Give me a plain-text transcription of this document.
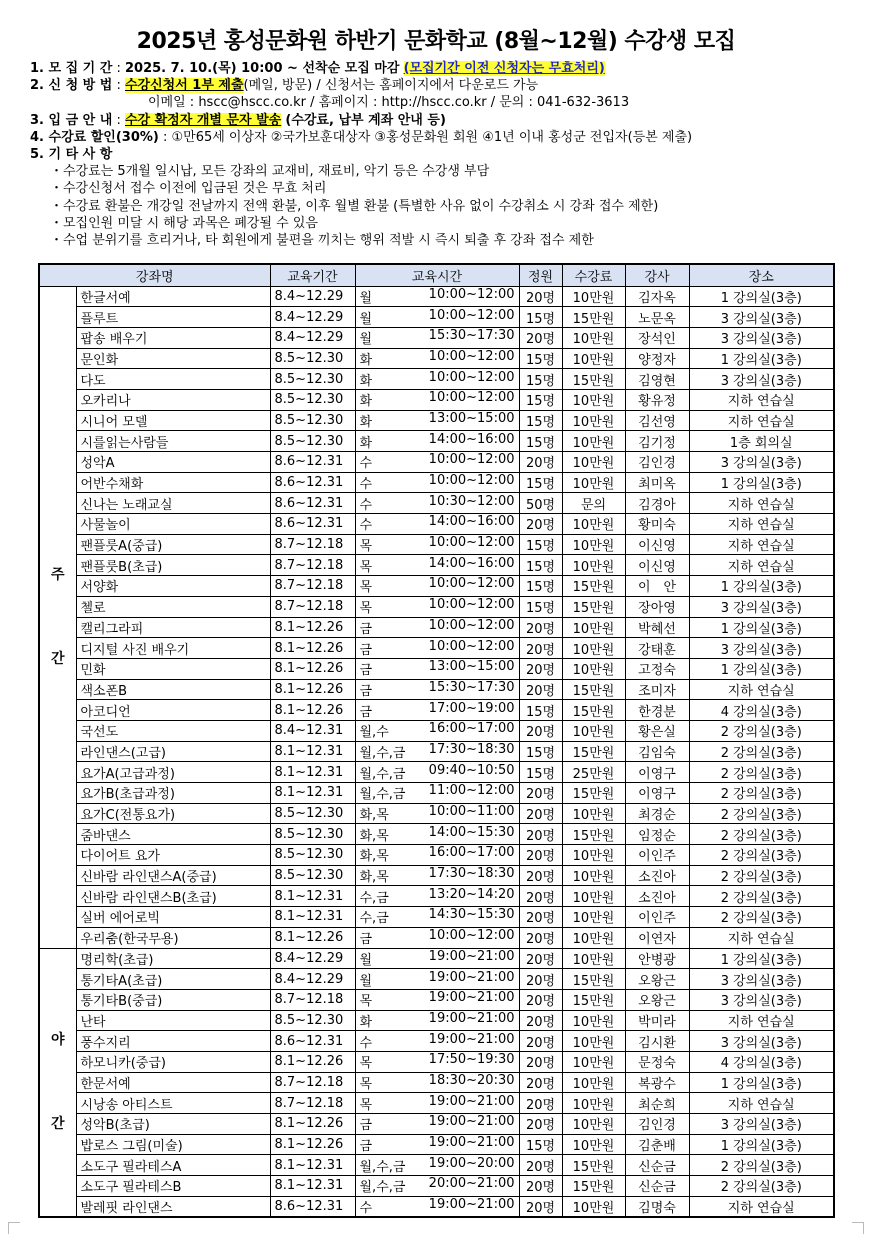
2025년 홍성문화원 하반기 문화학교 (8월~12월) 수강생 모집
1. 모 집 기 간 : 2025. 7. 10.(목) 10:00 ~ 선착순 모집 마감 (모집기간 이전 신청자는 무효처리)
2. 신 청 방 법 : 수강신청서 1부 제출(메일, 방문) / 신청서는 홈페이지에서 다운로드 가능
이메일 : hscc@hscc.co.kr / 홈페이지 : http://hscc.co.kr / 문의 : 041-632-3613
3. 입 금 안 내 : 수강 확정자 개별 문자 발송 (수강료, 납부 계좌 안내 등)
4. 수강료 할인(30%) : ①만65세 이상자 ②국가보훈대상자 ③홍성문화원 회원 ④1년 이내 홍성군 전입자(등본 제출)
5. 기 타 사 항
・수강료는 5개월 일시납, 모든 강좌의 교재비, 재료비, 악기 등은 수강생 부담
・수강신청서 접수 이전에 입금된 것은 무효 처리
・수강료 환불은 개강일 전날까지 전액 환불, 이후 월별 환불 (특별한 사유 없이 수강취소 시 강좌 접수 제한)
・모집인원 미달 시 해당 과목은 폐강될 수 있음
・수업 분위기를 흐리거나, 타 회원에게 불편을 끼치는 행위 적발 시 즉시 퇴출 후 강좌 접수 제한
강좌명		교육기간	교육시간	정원	수강료	강사	장소
주

간	한글서예	8.4~12.29	월 10:00~12:00	20명	10만원	김자옥	1 강의실(3층)
	플루트	8.4~12.29	월 10:00~12:00	15명	15만원	노문옥	3 강의실(3층)
	팝송 배우기	8.4~12.29	월 15:30~17:30	20명	10만원	장석인	3 강의실(3층)
	문인화	8.5~12.30	화 10:00~12:00	15명	10만원	양정자	1 강의실(3층)
	다도	8.5~12.30	화 10:00~12:00	15명	15만원	김영현	3 강의실(3층)
	오카리나	8.5~12.30	화 10:00~12:00	15명	10만원	황유정	지하 연습실
	시니어 모델	8.5~12.30	화 13:00~15:00	15명	10만원	김선영	지하 연습실
	시를읽는사람들	8.5~12.30	화 14:00~16:00	15명	10만원	김기정	1층 회의실
	성악A	8.6~12.31	수 10:00~12:00	20명	10만원	김인경	3 강의실(3층)
	어반수채화	8.6~12.31	수 10:00~12:00	15명	10만원	최미옥	1 강의실(3층)
	신나는 노래교실	8.6~12.31	수 10:30~12:00	50명	문의	김경아	지하 연습실
	사물놀이	8.6~12.31	수 14:00~16:00	20명	10만원	황미숙	지하 연습실
	팬플룻A(중급)	8.7~12.18	목 10:00~12:00	15명	10만원	이신영	지하 연습실
	팬플룻B(초급)	8.7~12.18	목 14:00~16:00	15명	10만원	이신영	지하 연습실
	서양화	8.7~12.18	목 10:00~12:00	15명	15만원	이　안	1 강의실(3층)
	첼로	8.7~12.18	목 10:00~12:00	15명	15만원	장아영	3 강의실(3층)
	캘리그라피	8.1~12.26	금 10:00~12:00	20명	10만원	박혜선	1 강의실(3층)
	디지털 사진 배우기	8.1~12.26	금 10:00~12:00	20명	10만원	강태훈	3 강의실(3층)
	민화	8.1~12.26	금 13:00~15:00	20명	10만원	고정숙	1 강의실(3층)
	색소폰B	8.1~12.26	금 15:30~17:30	20명	15만원	조미자	지하 연습실
	아코디언	8.1~12.26	금 17:00~19:00	15명	15만원	한경분	4 강의실(3층)
	국선도	8.4~12.31	월,수 16:00~17:00	20명	10만원	황은실	2 강의실(3층)
	라인댄스(고급)	8.1~12.31	월,수,금 17:30~18:30	15명	15만원	김임숙	2 강의실(3층)
	요가A(고급과정)	8.1~12.31	월,수,금 09:40~10:50	15명	25만원	이영구	2 강의실(3층)
	요가B(초급과정)	8.1~12.31	월,수,금 11:00~12:00	20명	15만원	이영구	2 강의실(3층)
	요가C(전통요가)	8.5~12.30	화,목 10:00~11:00	20명	10만원	최경순	2 강의실(3층)
	줌바댄스	8.5~12.30	화,목 14:00~15:30	20명	15만원	임정순	2 강의실(3층)
	다이어트 요가	8.5~12.30	화,목 16:00~17:00	20명	10만원	이인주	2 강의실(3층)
	신바람 라인댄스A(중급)	8.5~12.30	화,목 17:30~18:30	20명	10만원	소진아	2 강의실(3층)
	신바람 라인댄스B(초급)	8.1~12.31	수,금 13:20~14:20	20명	10만원	소진아	2 강의실(3층)
	실버 에어로빅	8.1~12.31	수,금 14:30~15:30	20명	10만원	이인주	2 강의실(3층)
	우리춤(한국무용)	8.1~12.26	금 10:00~12:00	20명	10만원	이연자	지하 연습실
야

간	명리학(초급)	8.4~12.29	월 19:00~21:00	20명	10만원	안병광	1 강의실(3층)
	통기타A(초급)	8.4~12.29	월 19:00~21:00	20명	15만원	오왕근	3 강의실(3층)
	통기타B(중급)	8.7~12.18	목 19:00~21:00	20명	15만원	오왕근	3 강의실(3층)
	난타	8.5~12.30	화 19:00~21:00	20명	10만원	박미라	지하 연습실
	풍수지리	8.6~12.31	수 19:00~21:00	20명	10만원	김시환	3 강의실(3층)
	하모니카(중급)	8.1~12.26	목 17:50~19:30	20명	10만원	문정숙	4 강의실(3층)
	한문서예	8.7~12.18	목 18:30~20:30	20명	10만원	복광수	1 강의실(3층)
	시낭송 아티스트	8.7~12.18	목 19:00~21:00	20명	10만원	최순희	지하 연습실
	성악B(초급)	8.1~12.26	금 19:00~21:00	20명	10만원	김인경	3 강의실(3층)
	밥로스 그림(미술)	8.1~12.26	금 19:00~21:00	15명	10만원	김춘배	1 강의실(3층)
	소도구 필라테스A	8.1~12.31	월,수,금 19:00~20:00	20명	15만원	신순금	2 강의실(3층)
	소도구 필라테스B	8.1~12.31	월,수,금 20:00~21:00	20명	15만원	신순금	2 강의실(3층)
	발레핏 라인댄스	8.6~12.31	수 19:00~21:00	20명	10만원	김명숙	지하 연습실
